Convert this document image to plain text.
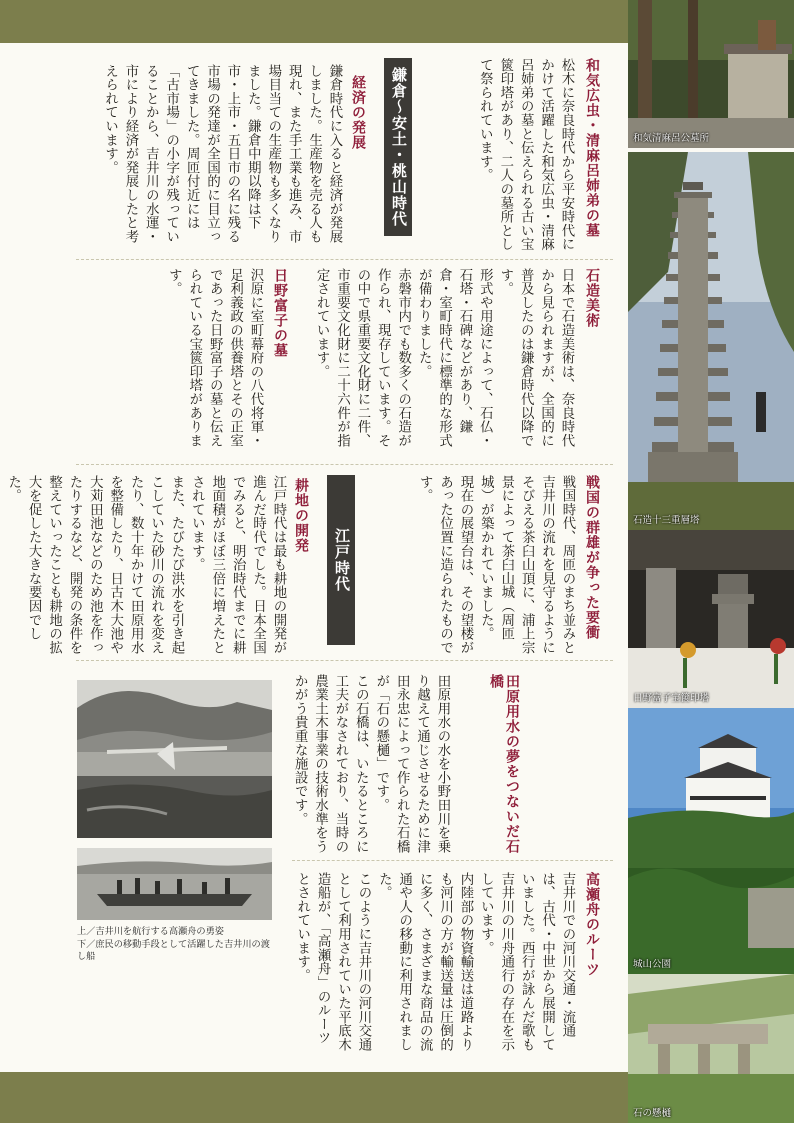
和気広虫・清麻呂姉弟の墓

松木に奈良時代から平安時代にかけて活躍した和気広虫・清麻呂姉弟の墓と伝えられる古い宝篋印塔があり、二人の墓所として祭られています。

鎌倉～安土・桃山時代
経済の発展

鎌倉時代に入ると経済が発展しました。生産物を売る人も現れ、また手工業も進み、市場目当ての生産物も多くなりました。鎌倉中期以降は下市・上市・五日市の名に残る市場の発達が全国的に目立ってきました。周匝付近には「古市場」の小字が残っていることから、吉井川の水運・市により経済が発展したと考えられています。

石造美術

日本で石造美術は、奈良時代から見られますが、全国的に普及したのは鎌倉時代以降です。

形式や用途によって、石仏・石塔・石碑などがあり、鎌倉・室町時代に標準的な形式が備わりました。

赤磐市内でも数多くの石造が作られ、現存しています。その中で県重要文化財に二件、市重要文化財に二十六件が指定されています。

日野富子の墓

沢原に室町幕府の八代将軍・足利義政の供養塔とその正室であった日野富子の墓と伝えられている宝篋印塔があります。

戦国の群雄が争った要衝

戦国時代、周匝のまち並みと吉井川の流れを見守るようにそびえる茶臼山頂に、浦上宗景によって茶臼山城（周匝城）が築かれていました。

現在の展望台は、その望楼があった位置に造られたものです。

江戸時代
耕地の開発

江戸時代は最も耕地の開発が進んだ時代でした。日本全国でみると、明治時代までに耕地面積がほぼ三倍に増えたとされています。

また、たびたび洪水を引き起こしていた砂川の流れを変えたり、数十年かけて田原用水を整備したり、日古木大池や大苅田池などのため池を作ったりするなど、開発の条件を整えていったことも耕地の拡大を促した大きな要因でした。

田原用水の夢をつないだ石橋

田原用水の水を小野田川を乗り越えて通じさせるために津田永忠によって作られた石橋が「石の懸樋」です。

この石橋は、いたるところに工夫がなされており、当時の農業土木事業の技術水準をうかがう貴重な施設です。

高瀬舟のルーツ

吉井川での河川交通・流通は、古代・中世から展開していました。西行が詠んだ歌も吉井川の川舟通行の存在を示しています。

内陸部の物資輸送は道路よりも河川の方が輸送量は圧倒的に多く、さまざまな商品の流通や人の移動に利用されました。

このように吉井川の河川交通として利用されていた平底木造船が、「高瀬舟」のルーツとされています。

上／吉井川を航行する高瀬舟の勇姿

下／庶民の移動手段として活躍した吉井川の渡し船

和気清麻呂公墓所
石造十三重層塔
日野富子宝篋印塔
城山公園
石の懸樋
